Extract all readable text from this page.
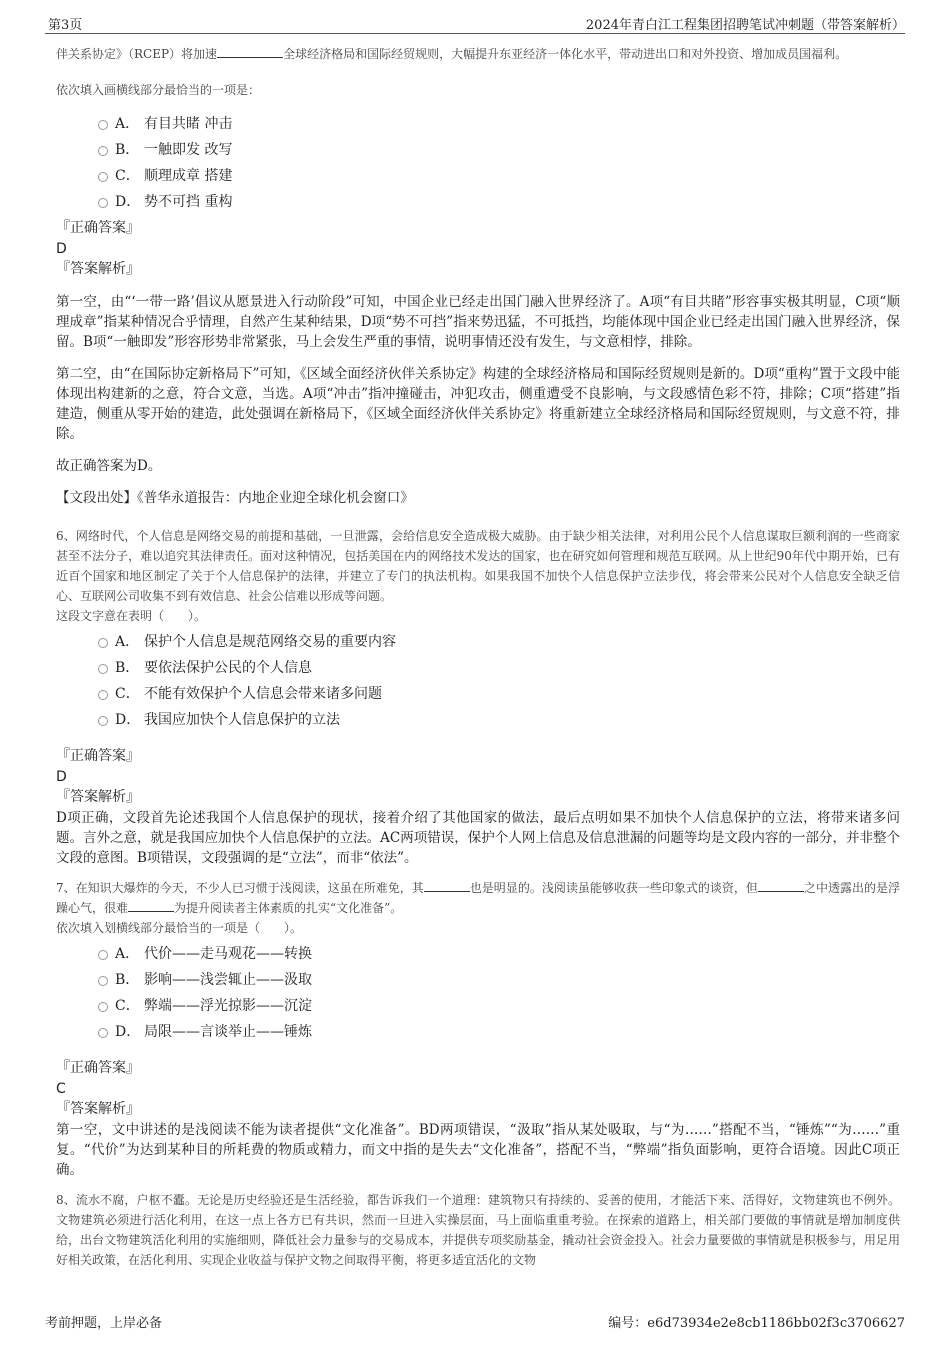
第3页	2024年青白江工程集团招聘笔试冲刺题（带答案解析）

伴关系协定》（RCEP）将加速	全球经济格局和国际经贸规则，大幅提升东亚经济一体化水平，带动进出口和对外投资、增加成员国福利。

依次填入画横线部分最恰当的一项是：

A． 有目共睹 冲击
B． 一触即发 改写
C． 顺理成章 搭建
D． 势不可挡 重构

『正确答案』

D

『答案解析』

第一空，由“‘一带一路’倡议从愿景进入行动阶段”可知，中国企业已经走出国门融入世界经济了。A项“有目共睹”形容事实极其明显，C项“顺理成章”指某种情况合乎情理，自然产生某种结果，D项“势不可挡”指来势迅猛，不可抵挡，均能体现中国企业已经走出国门融入世界经济，保留。B项“一触即发”形容形势非常紧张，马上会发生严重的事情，说明事情还没有发生，与文意相悖，排除。

第二空，由“在国际协定新格局下”可知，《区域全面经济伙伴关系协定》构建的全球经济格局和国际经贸规则是新的。D项“重构”置于文段中能体现出构建新的之意，符合文意，当选。A项“冲击”指冲撞碰击，冲犯攻击，侧重遭受不良影响，与文段感情色彩不符，排除；C项“搭建”指建造，侧重从零开始的建造，此处强调在新格局下，《区域全面经济伙伴关系协定》将重新建立全球经济格局和国际经贸规则，与文意不符，排除。

故正确答案为D。

【文段出处】《普华永道报告：内地企业迎全球化机会窗口》

6、网络时代，个人信息是网络交易的前提和基础，一旦泄露，会给信息安全造成极大威胁。由于缺少相关法律，对利用公民个人信息谋取巨额利润的一些商家甚至不法分子，难以追究其法律责任。面对这种情况，包括美国在内的网络技术发达的国家，也在研究如何管理和规范互联网。从上世纪90年代中期开始，已有近百个国家和地区制定了关于个人信息保护的法律，并建立了专门的执法机构。如果我国不加快个人信息保护立法步伐，将会带来公民对个人信息安全缺乏信心、互联网公司收集不到有效信息、社会公信难以形成等问题。

这段文字意在表明（　　）。

A． 保护个人信息是规范网络交易的重要内容
B． 要依法保护公民的个人信息
C． 不能有效保护个人信息会带来诸多问题
D． 我国应加快个人信息保护的立法

『正确答案』

D

『答案解析』

D项正确，文段首先论述我国个人信息保护的现状，接着介绍了其他国家的做法，最后点明如果不加快个人信息保护的立法，将带来诸多问题。言外之意，就是我国应加快个人信息保护的立法。AC两项错误，保护个人网上信息及信息泄漏的问题等均是文段内容的一部分，并非整个文段的意图。B项错误，文段强调的是“立法”，而非“依法”。

7、在知识大爆炸的今天，不少人已习惯于浅阅读，这虽在所难免，其	也是明显的。浅阅读虽能够收获一些印象式的谈资，但	之中透露出的是浮躁心气，很难	为提升阅读者主体素质的扎实“文化准备”。

依次填入划横线部分最恰当的一项是（　　）。

A． 代价——走马观花——转换
B． 影响——浅尝辄止——汲取
C． 弊端——浮光掠影——沉淀
D． 局限——言谈举止——锤炼

『正确答案』

C

『答案解析』

第一空，文中讲述的是浅阅读不能为读者提供“文化准备”。BD两项错误，“汲取”指从某处吸取，与“为……”搭配不当，“锤炼”“为……”重复。“代价”为达到某种目的所耗费的物质或精力，而文中指的是失去“文化准备”，搭配不当，“弊端”指负面影响，更符合语境。因此C项正确。

8、流水不腐，户枢不蠹。无论是历史经验还是生活经验，都告诉我们一个道理：建筑物只有持续的、妥善的使用，才能活下来、活得好，文物建筑也不例外。文物建筑必须进行活化利用，在这一点上各方已有共识，然而一旦进入实操层面，马上面临重重考验。在探索的道路上，相关部门要做的事情就是增加制度供给，出台文物建筑活化利用的实施细则，降低社会力量参与的交易成本，并提供专项奖励基金，撬动社会资金投入。社会力量要做的事情就是积极参与，用足用好相关政策，在活化利用、实现企业收益与保护文物之间取得平衡，将更多适宜活化的文物

考前押题，上岸必备	编号：e6d73934e2e8cb1186bb02f3c3706627
